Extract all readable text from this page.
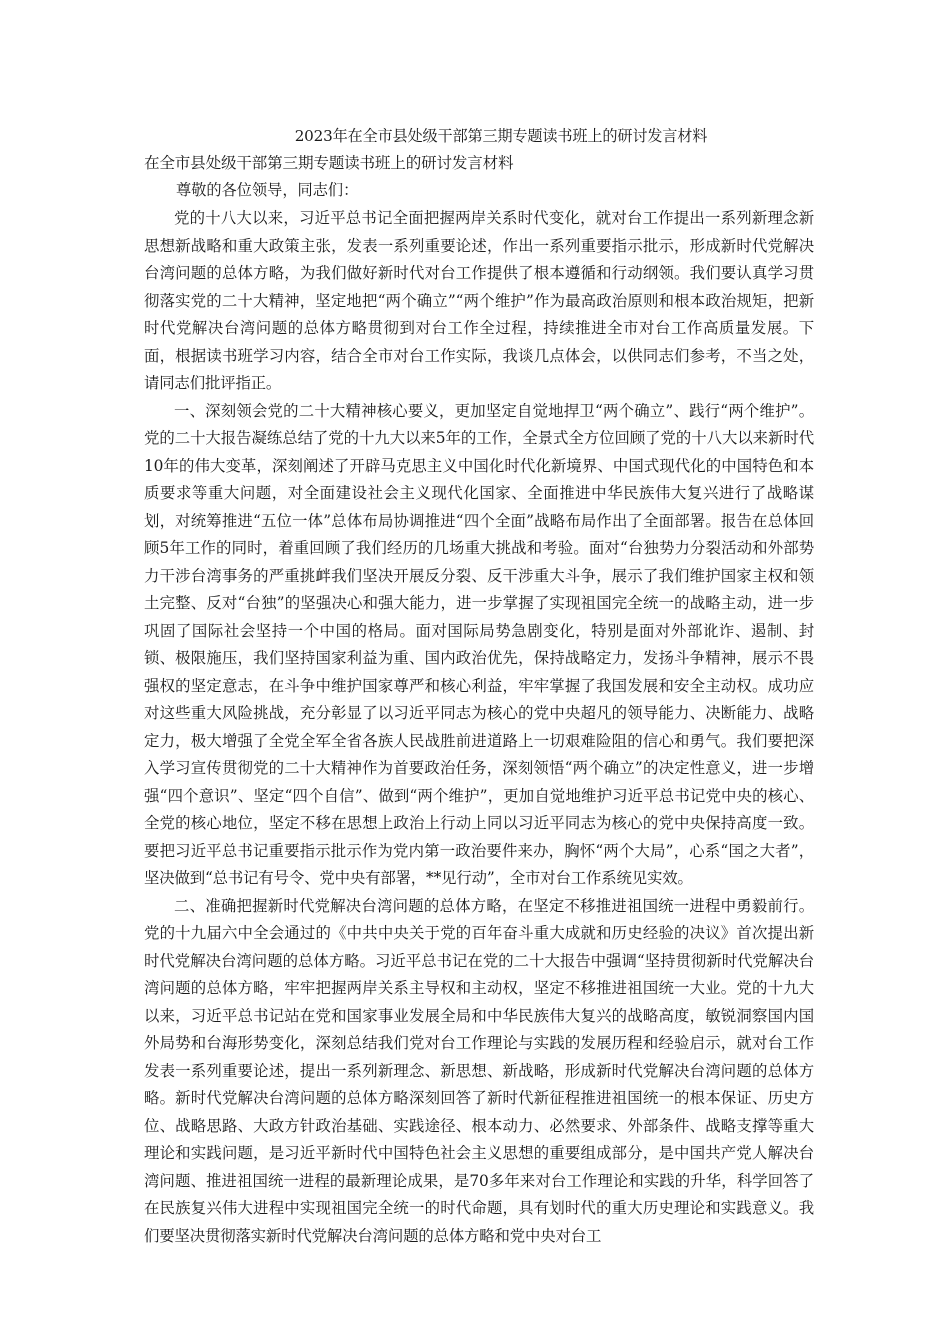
2023年在全市县处级干部第三期专题读书班上的研讨发言材料
在全市县处级干部第三期专题读书班上的研讨发言材料

尊敬的各位领导，同志们：

党的十八大以来，习近平总书记全面把握两岸关系时代变化，就对台工作提出一系列新理念新思想新战略和重大政策主张，发表一系列重要论述，作出一系列重要指示批示，形成新时代党解决台湾问题的总体方略，为我们做好新时代对台工作提供了根本遵循和行动纲领。我们要认真学习贯彻落实党的二十大精神，坚定地把“两个确立”“两个维护”作为最高政治原则和根本政治规矩，把新时代党解决台湾问题的总体方略贯彻到对台工作全过程，持续推进全市对台工作高质量发展。下面，根据读书班学习内容，结合全市对台工作实际，我谈几点体会，以供同志们参考，不当之处，请同志们批评指正。

一、深刻领会党的二十大精神核心要义，更加坚定自觉地捍卫“两个确立”、践行“两个维护”。党的二十大报告凝练总结了党的十九大以来5年的工作，全景式全方位回顾了党的十八大以来新时代10年的伟大变革，深刻阐述了开辟马克思主义中国化时代化新境界、中国式现代化的中国特色和本质要求等重大问题，对全面建设社会主义现代化国家、全面推进中华民族伟大复兴进行了战略谋划，对统筹推进“五位一体”总体布局协调推进“四个全面”战略布局作出了全面部署。报告在总体回顾5年工作的同时，着重回顾了我们经历的几场重大挑战和考验。面对“台独势力分裂活动和外部势力干涉台湾事务的严重挑衅我们坚决开展反分裂、反干涉重大斗争，展示了我们维护国家主权和领土完整、反对“台独”的坚强决心和强大能力，进一步掌握了实现祖国完全统一的战略主动，进一步巩固了国际社会坚持一个中国的格局。面对国际局势急剧变化，特别是面对外部讹诈、遏制、封锁、极限施压，我们坚持国家利益为重、国内政治优先，保持战略定力，发扬斗争精神，展示不畏强权的坚定意志，在斗争中维护国家尊严和核心利益，牢牢掌握了我国发展和安全主动权。成功应对这些重大风险挑战，充分彰显了以习近平同志为核心的党中央超凡的领导能力、决断能力、战略定力，极大增强了全党全军全省各族人民战胜前进道路上一切艰难险阻的信心和勇气。我们要把深入学习宣传贯彻党的二十大精神作为首要政治任务，深刻领悟“两个确立”的决定性意义，进一步增强“四个意识”、坚定“四个自信”、做到“两个维护”，更加自觉地维护习近平总书记党中央的核心、全党的核心地位，坚定不移在思想上政治上行动上同以习近平同志为核心的党中央保持高度一致。要把习近平总书记重要指示批示作为党内第一政治要件来办，胸怀“两个大局”，心系“国之大者”，坚决做到“总书记有号令、党中央有部署，**见行动”，全市对台工作系统见实效。

二、准确把握新时代党解决台湾问题的总体方略，在坚定不移推进祖国统一进程中勇毅前行。党的十九届六中全会通过的《中共中央关于党的百年奋斗重大成就和历史经验的决议》首次提出新时代党解决台湾问题的总体方略。习近平总书记在党的二十大报告中强调“坚持贯彻新时代党解决台湾问题的总体方略，牢牢把握两岸关系主导权和主动权，坚定不移推进祖国统一大业。党的十九大以来，习近平总书记站在党和国家事业发展全局和中华民族伟大复兴的战略高度，敏锐洞察国内国外局势和台海形势变化，深刻总结我们党对台工作理论与实践的发展历程和经验启示，就对台工作发表一系列重要论述，提出一系列新理念、新思想、新战略，形成新时代党解决台湾问题的总体方略。新时代党解决台湾问题的总体方略深刻回答了新时代新征程推进祖国统一的根本保证、历史方位、战略思路、大政方针政治基础、实践途径、根本动力、必然要求、外部条件、战略支撑等重大理论和实践问题，是习近平新时代中国特色社会主义思想的重要组成部分，是中国共产党人解决台湾问题、推进祖国统一进程的最新理论成果，是70多年来对台工作理论和实践的升华，科学回答了在民族复兴伟大进程中实现祖国完全统一的时代命题，具有划时代的重大历史理论和实践意义。我们要坚决贯彻落实新时代党解决台湾问题的总体方略和党中央对台工
